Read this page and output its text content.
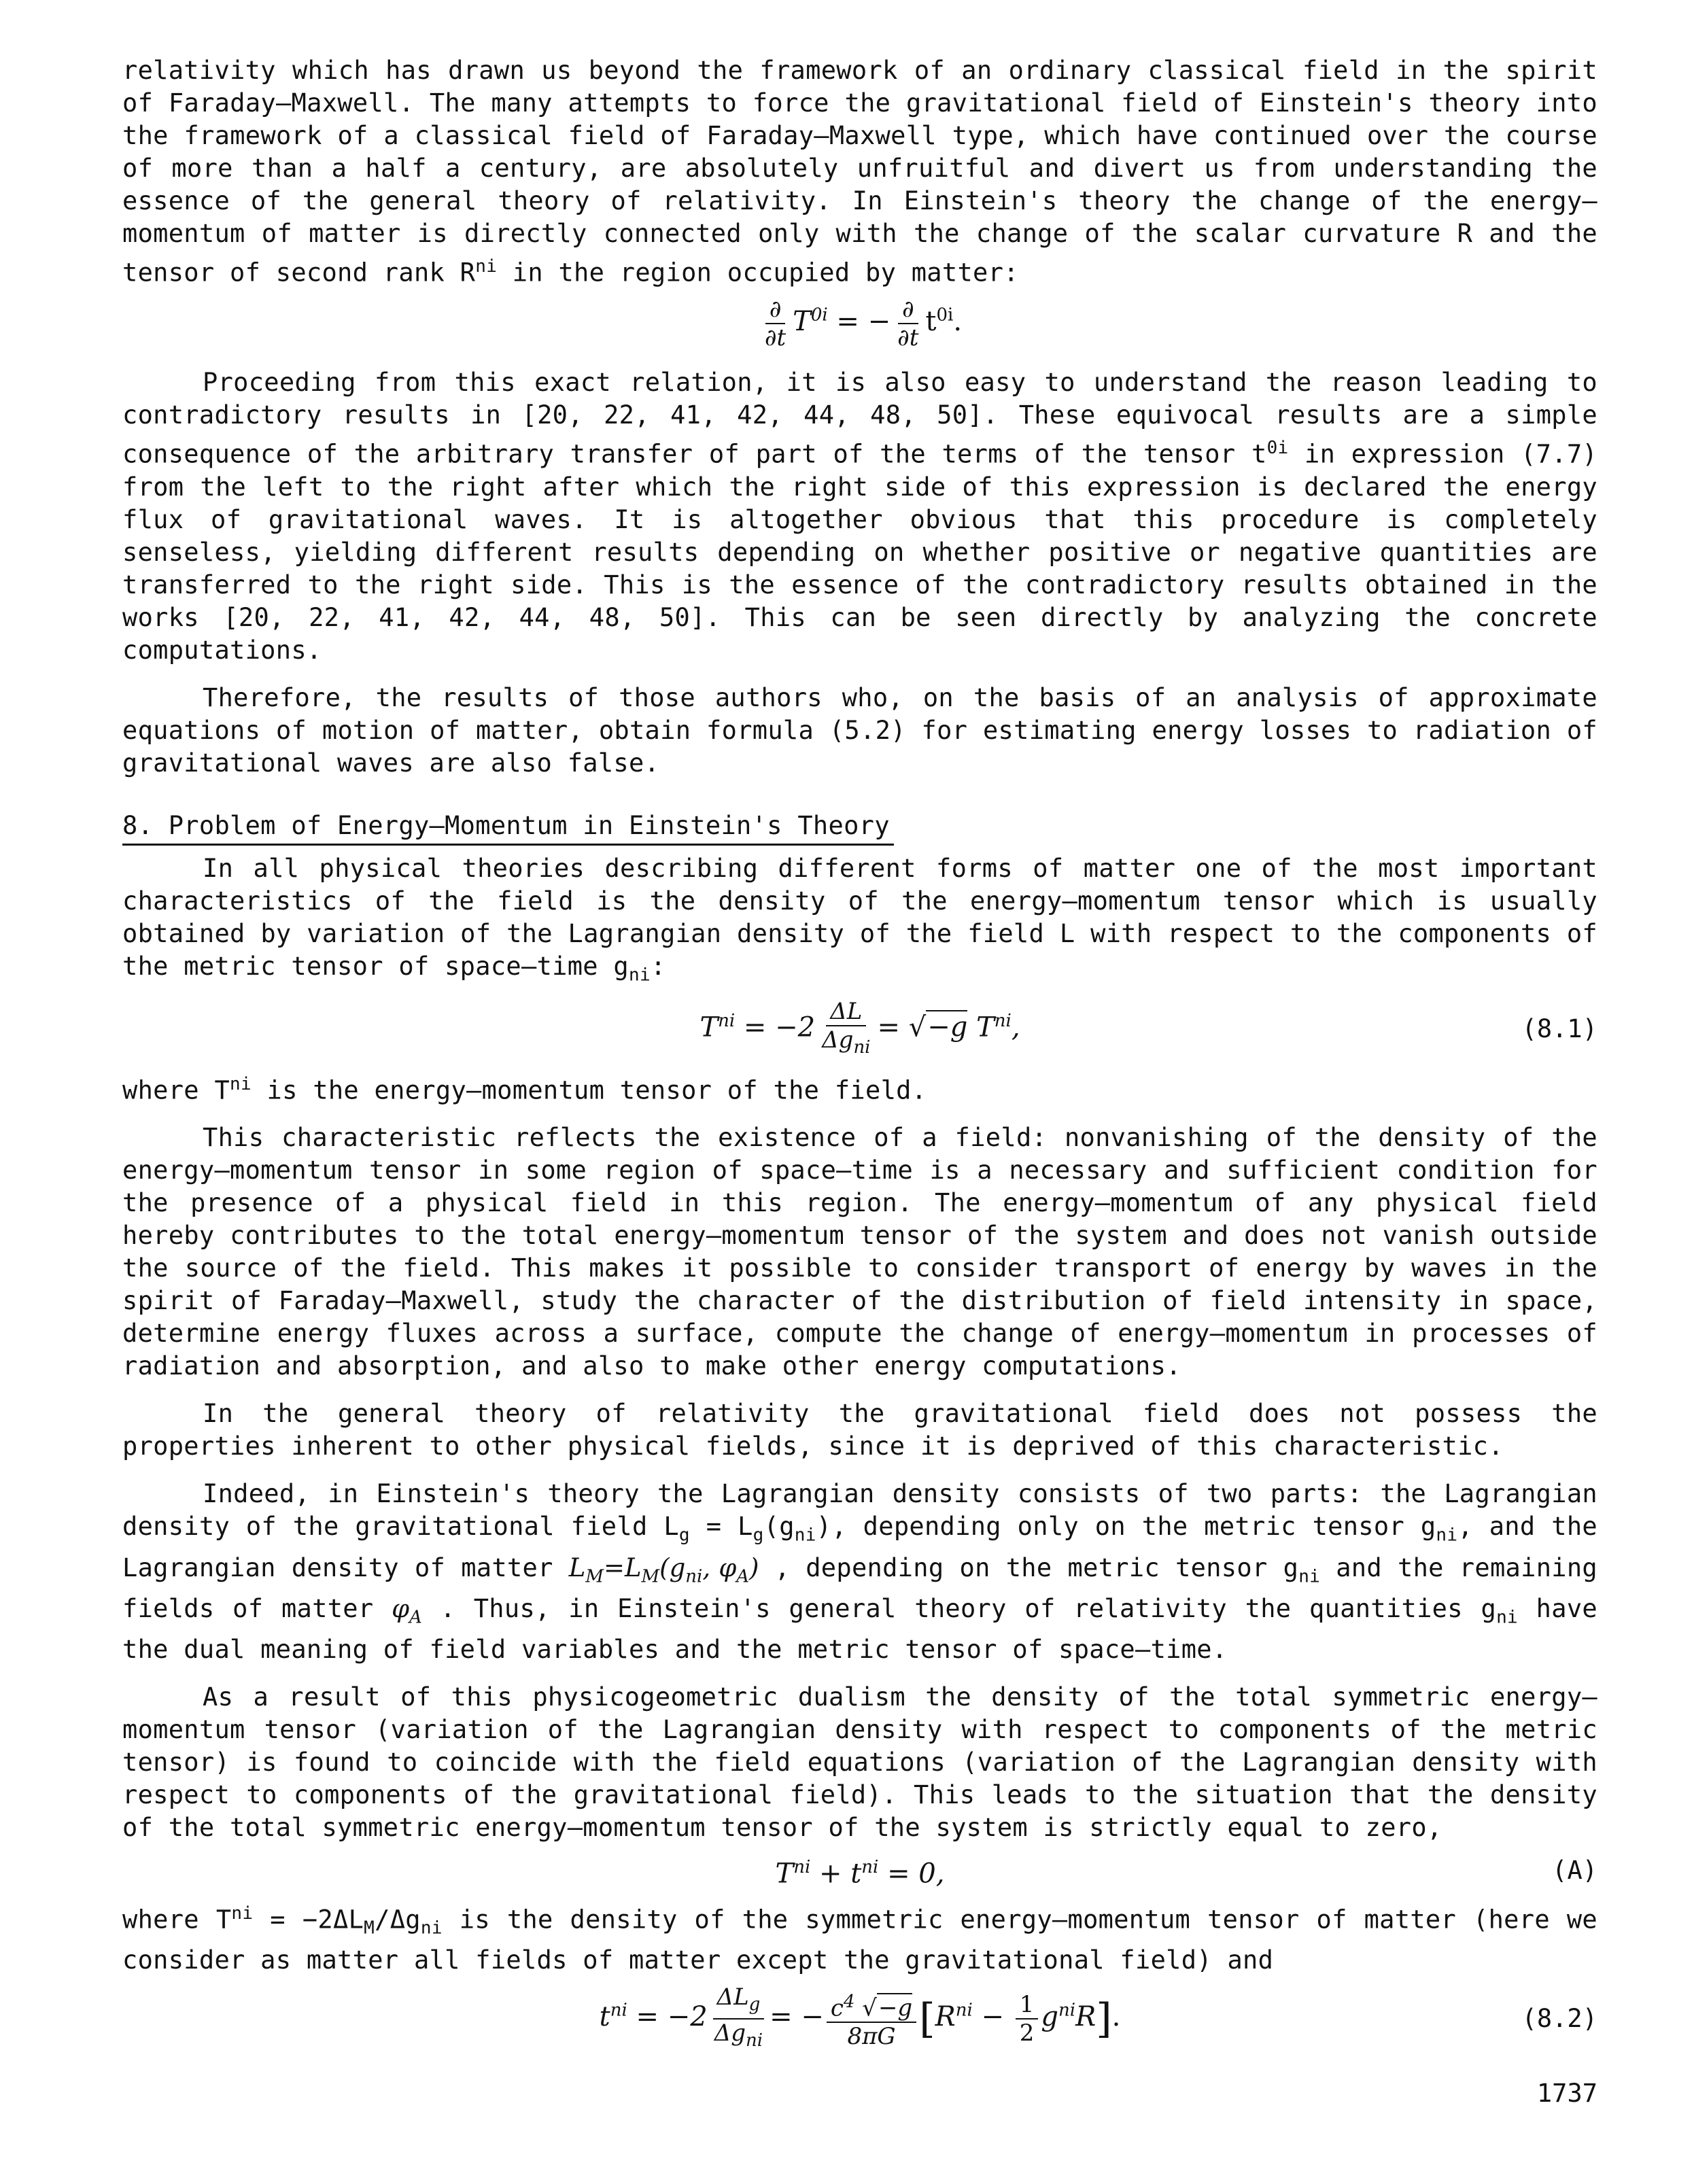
relativity which has drawn us beyond the framework of an ordinary classical field in the spirit of Faraday—Maxwell. The many attempts to force the gravitational field of Einstein's theory into the framework of a classical field of Faraday—Maxwell type, which have continued over the course of more than a half a century, are absolutely unfruitful and divert us from understanding the essence of the general theory of relativity. In Einstein's theory the change of the energy—momentum of matter is directly connected only with the change of the scalar curvature R and the tensor of second rank $R^{ni}$ in the region occupied by matter:

$\frac{\partial}{\partial t} T^{0i}$ = − $\frac{\partial}{\partial t} t^{0i}$.

Proceeding from this exact relation, it is also easy to understand the reason leading to contradictory results in [20, 22, 41, 42, 44, 48, 50]. These equivocal results are a simple consequence of the arbitrary transfer of part of the terms of the tensor $t^{0i}$ in expression (7.7) from the left to the right after which the right side of this expression is declared the energy flux of gravitational waves. It is altogether obvious that this procedure is completely senseless, yielding different results depending on whether positive or negative quantities are transferred to the right side. This is the essence of the contradictory results obtained in the works [20, 22, 41, 42, 44, 48, 50]. This can be seen directly by analyzing the concrete computations.

Therefore, the results of those authors who, on the basis of an analysis of approximate equations of motion of matter, obtain formula (5.2) for estimating energy losses to radiation of gravitational waves are also false.

8. Problem of Energy—Momentum in Einstein's Theory

In all physical theories describing different forms of matter one of the most important characteristics of the field is the density of the energy—momentum tensor which is usually obtained by variation of the Lagrangian density of the field L with respect to the components of the metric tensor of space—time $g_{ni}$:

$T^{ni} = -2 \frac{\Delta L}{\Delta g_{ni}} = √-g$ $T^{ni}$,	(8.1)

where $T^{ni}$ is the energy—momentum tensor of the field.

This characteristic reflects the existence of a field: nonvanishing of the density of the energy—momentum tensor in some region of space—time is a necessary and sufficient condition for the presence of a physical field in this region. The energy—momentum of any physical field hereby contributes to the total energy—momentum tensor of the system and does not vanish outside the source of the field. This makes it possible to consider transport of energy by waves in the spirit of Faraday—Maxwell, study the character of the distribution of field intensity in space, determine energy fluxes across a surface, compute the change of energy—momentum in processes of radiation and absorption, and also to make other energy computations.

In the general theory of relativity the gravitational field does not possess the properties inherent to other physical fields, since it is deprived of this characteristic.

Indeed, in Einstein's theory the Lagrangian density consists of two parts: the Lagrangian density of the gravitational field $L_g = L_g(g_{ni})$, depending only on the metric tensor $g_{ni}$, and the Lagrangian density of matter $L_M=L_M(g_{ni}$, $\varphi_A$) , depending on the metric tensor $g_{ni}$ and the remaining fields of matter $\varphi_A$ . Thus, in Einstein's general theory of relativity the quantities $g_{ni}$ have the dual meaning of field variables and the metric tensor of space—time.

As a result of this physicogeometric dualism the density of the total symmetric energy—momentum tensor (variation of the Lagrangian density with respect to components of the metric tensor) is found to coincide with the field equations (variation of the Lagrangian density with respect to components of the gravitational field). This leads to the situation that the density of the total symmetric energy—momentum tensor of the system is strictly equal to zero,

$T^{ni} + t^{ni} = 0$,	(A)

where $T^{ni} = -2\Delta L_M/\Delta g_{ni}$ is the density of the symmetric energy—momentum tensor of matter (here we consider as matter all fields of matter except the gravitational field) and

$t^{ni} = -2 \frac{\Delta L_g}{\Delta g_{ni}}$ = − $\frac{c^4 √-g}{8\pi G} [R^{ni} - \frac{1}{2} g^{ni}R]$.	(8.2)
1737
